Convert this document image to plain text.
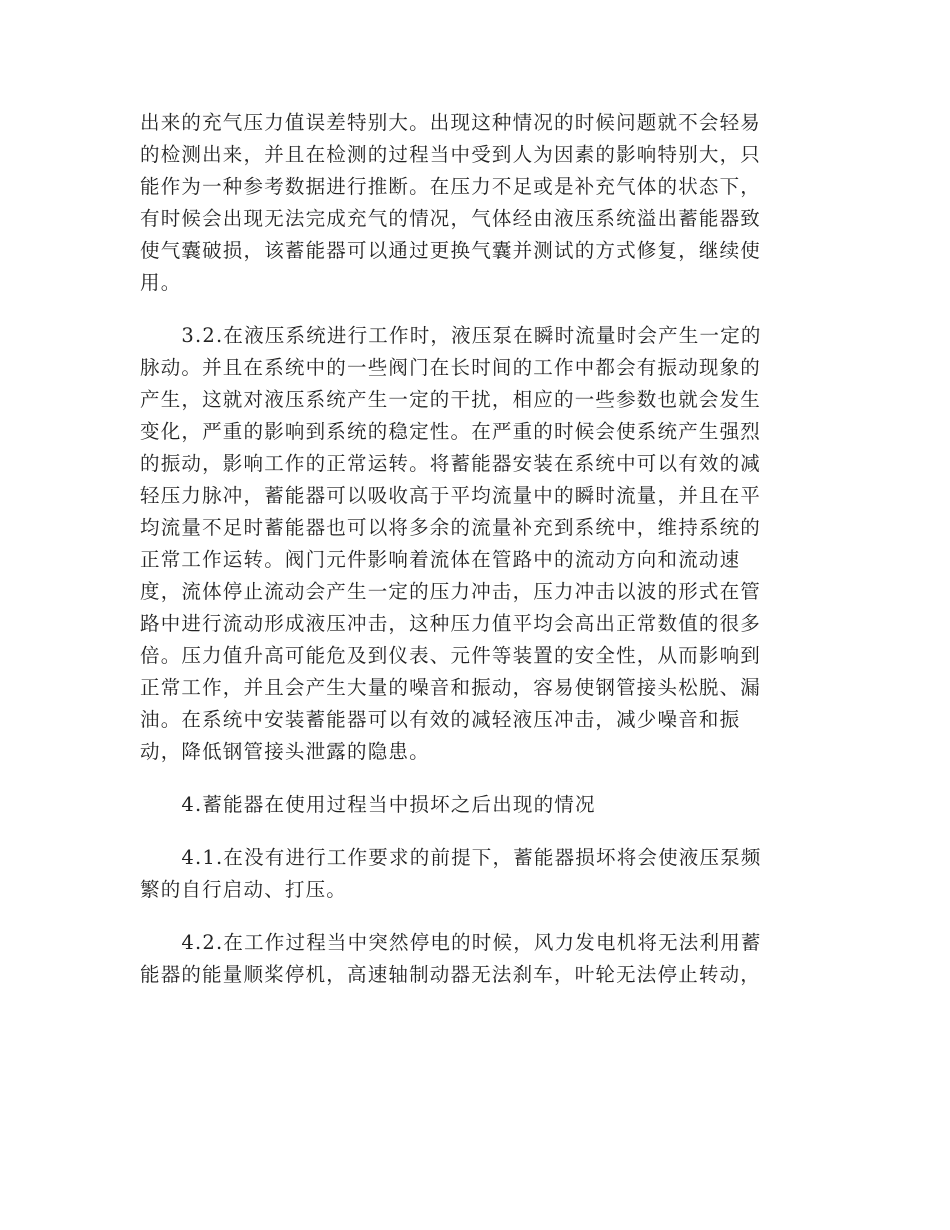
出来的充气压力值误差特别大。出现这种情况的时候问题就不会轻易
的检测出来，并且在检测的过程当中受到人为因素的影响特别大，只
能作为一种参考数据进行推断。在压力不足或是补充气体的状态下，
有时候会出现无法完成充气的情况，气体经由液压系统溢出蓄能器致
使气囊破损，该蓄能器可以通过更换气囊并测试的方式修复，继续使
用。
　　3.2.在液压系统进行工作时，液压泵在瞬时流量时会产生一定的
脉动。并且在系统中的一些阀门在长时间的工作中都会有振动现象的
产生，这就对液压系统产生一定的干扰，相应的一些参数也就会发生
变化，严重的影响到系统的稳定性。在严重的时候会使系统产生强烈
的振动，影响工作的正常运转。将蓄能器安装在系统中可以有效的减
轻压力脉冲，蓄能器可以吸收高于平均流量中的瞬时流量，并且在平
均流量不足时蓄能器也可以将多余的流量补充到系统中，维持系统的
正常工作运转。阀门元件影响着流体在管路中的流动方向和流动速
度，流体停止流动会产生一定的压力冲击，压力冲击以波的形式在管
路中进行流动形成液压冲击，这种压力值平均会高出正常数值的很多
倍。压力值升高可能危及到仪表、元件等装置的安全性，从而影响到
正常工作，并且会产生大量的噪音和振动，容易使钢管接头松脱、漏
油。在系统中安装蓄能器可以有效的减轻液压冲击，减少噪音和振
动，降低钢管接头泄露的隐患。
　　4.蓄能器在使用过程当中损坏之后出现的情况
　　4.1.在没有进行工作要求的前提下，蓄能器损坏将会使液压泵频
繁的自行启动、打压。
　　4.2.在工作过程当中突然停电的时候，风力发电机将无法利用蓄
能器的能量顺桨停机，高速轴制动器无法刹车，叶轮无法停止转动，
